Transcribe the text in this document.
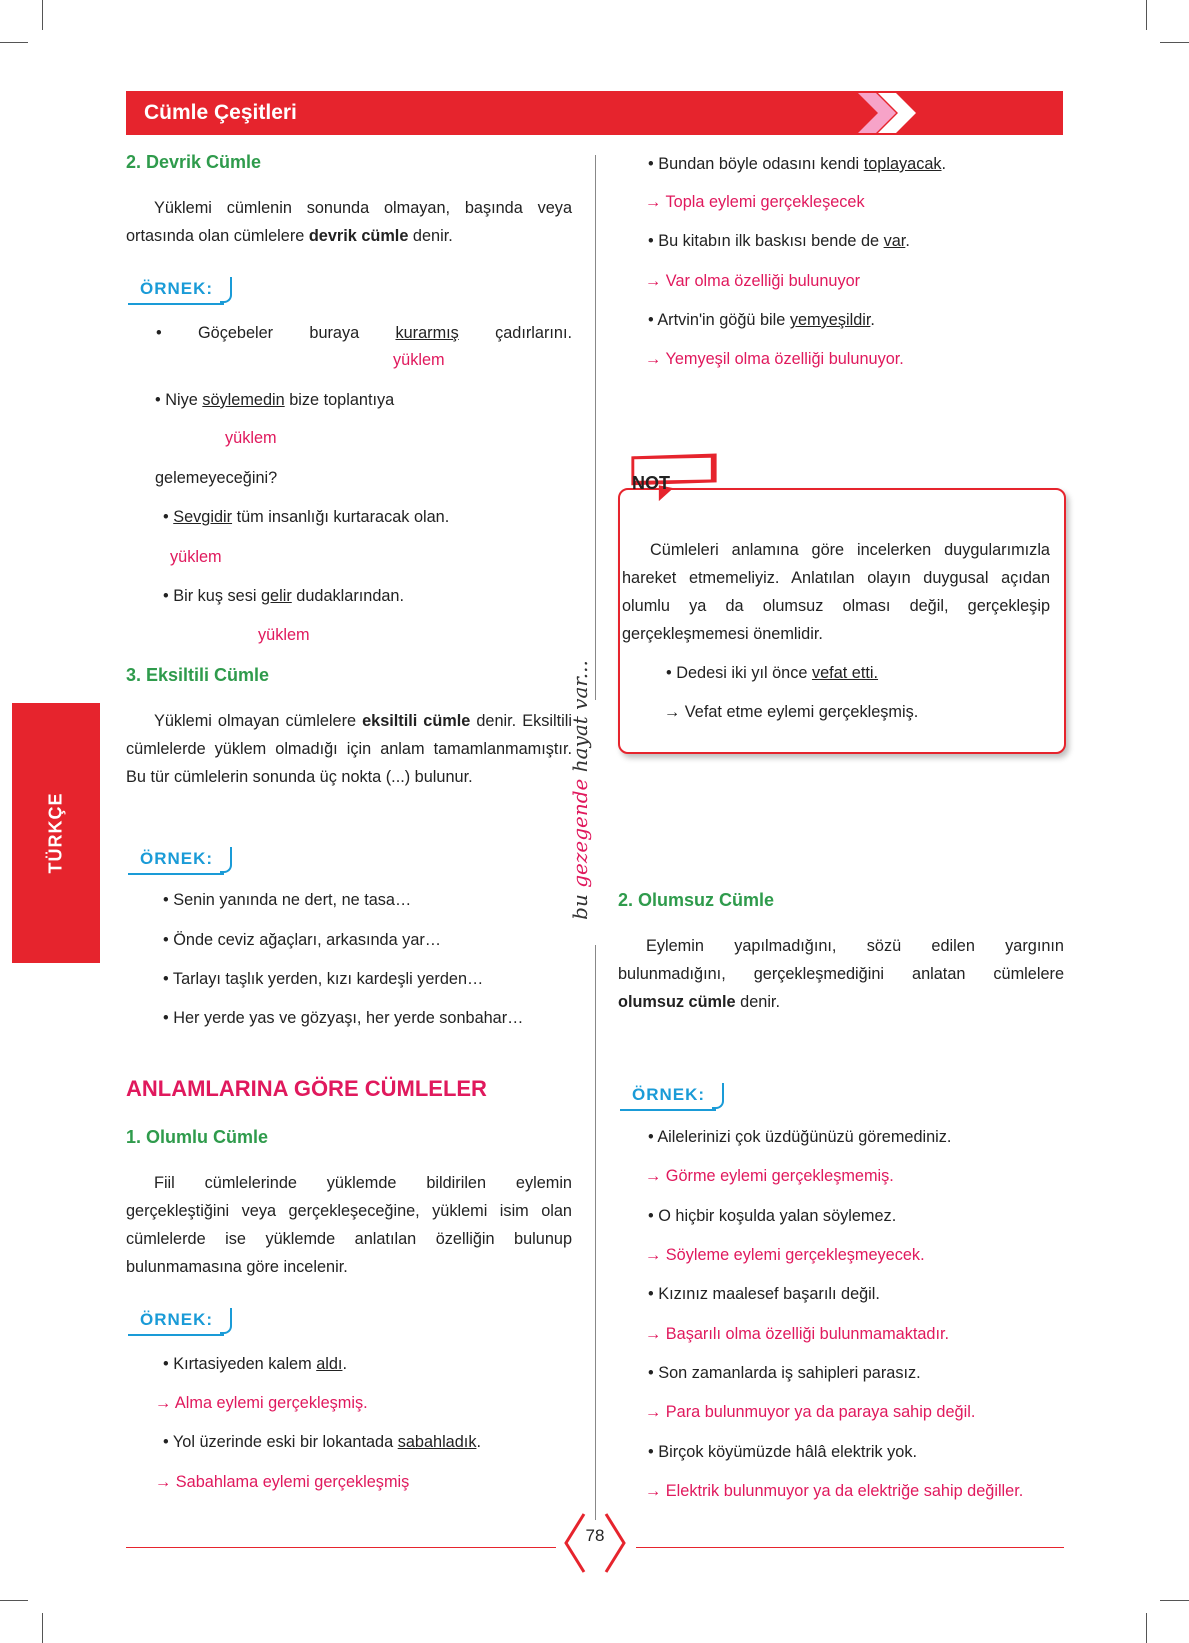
Cümle Çeşitleri
TÜRKÇE
2. Devrik Cümle
Yüklemi cümlenin sonunda olmayan, başında veya ortasında olan cümlelere devrik cümle denir.
ÖRNEK:
• Göçebeler buraya kurarmış çadırlarını.
yüklem
• Niye söylemedin bize toplantıya
yüklem
gelemeyeceğini?
• Sevgidir tüm insanlığı kurtaracak olan.
yüklem
• Bir kuş sesi gelir dudaklarından.
yüklem
3. Eksiltili Cümle
Yüklemi olmayan cümlelere eksiltili cümle denir. Eksiltili cümlelerde yüklem olmadığı için anlam tamamlanmamıştır. Bu tür cümlelerin sonunda üç nokta (...) bulunur.
ÖRNEK:
• Senin yanında ne dert, ne tasa…
• Önde ceviz ağaçları, arkasında yar…
• Tarlayı taşlık yerden, kızı kardeşli yerden…
• Her yerde yas ve gözyaşı, her yerde sonbahar…
ANLAMLARINA GÖRE CÜMLELER
1. Olumlu Cümle
Fiil cümlelerinde yüklemde bildirilen eylemin gerçekleştiğini veya gerçekleşeceğine, yüklemi isim olan cümlelerde ise yüklemde anlatılan özelliğin bulunup bulunmamasına göre incelenir.
ÖRNEK:
• Kırtasiyeden kalem aldı.
→ Alma eylemi gerçekleşmiş.
• Yol üzerinde eski bir lokantada sabahladık.
→ Sabahlama eylemi gerçekleşmiş
bu gezegende hayat var...
• Bundan böyle odasını kendi toplayacak.
→ Topla eylemi gerçekleşecek
• Bu kitabın ilk baskısı bende de var.
→ Var olma özelliği bulunuyor
• Artvin'in göğü bile yemyeşildir.
→ Yemyeşil olma özelliği bulunuyor.
NOT
Cümleleri anlamına göre incelerken duygularımızla hareket etmemeliyiz. Anlatılan olayın duygusal açıdan olumlu ya da olumsuz olması değil, gerçekleşip gerçekleşmemesi önemlidir.
• Dedesi iki yıl önce vefat etti.
→ Vefat etme eylemi gerçekleşmiş.
2. Olumsuz Cümle
Eylemin yapılmadığını, sözü edilen yargının bulunmadığını, gerçekleşmediğini anlatan cümlelere olumsuz cümle denir.
ÖRNEK:
• Ailelerinizi çok üzdüğünüzü göremediniz.
→ Görme eylemi gerçekleşmemiş.
• O hiçbir koşulda yalan söylemez.
→ Söyleme eylemi gerçekleşmeyecek.
• Kızınız maalesef başarılı değil.
→ Başarılı olma özelliği bulunmamaktadır.
• Son zamanlarda iş sahipleri parasız.
→ Para bulunmuyor ya da paraya sahip değil.
• Birçok köyümüzde hâlâ elektrik yok.
→ Elektrik bulunmuyor ya da elektriğe sahip değiller.
78
